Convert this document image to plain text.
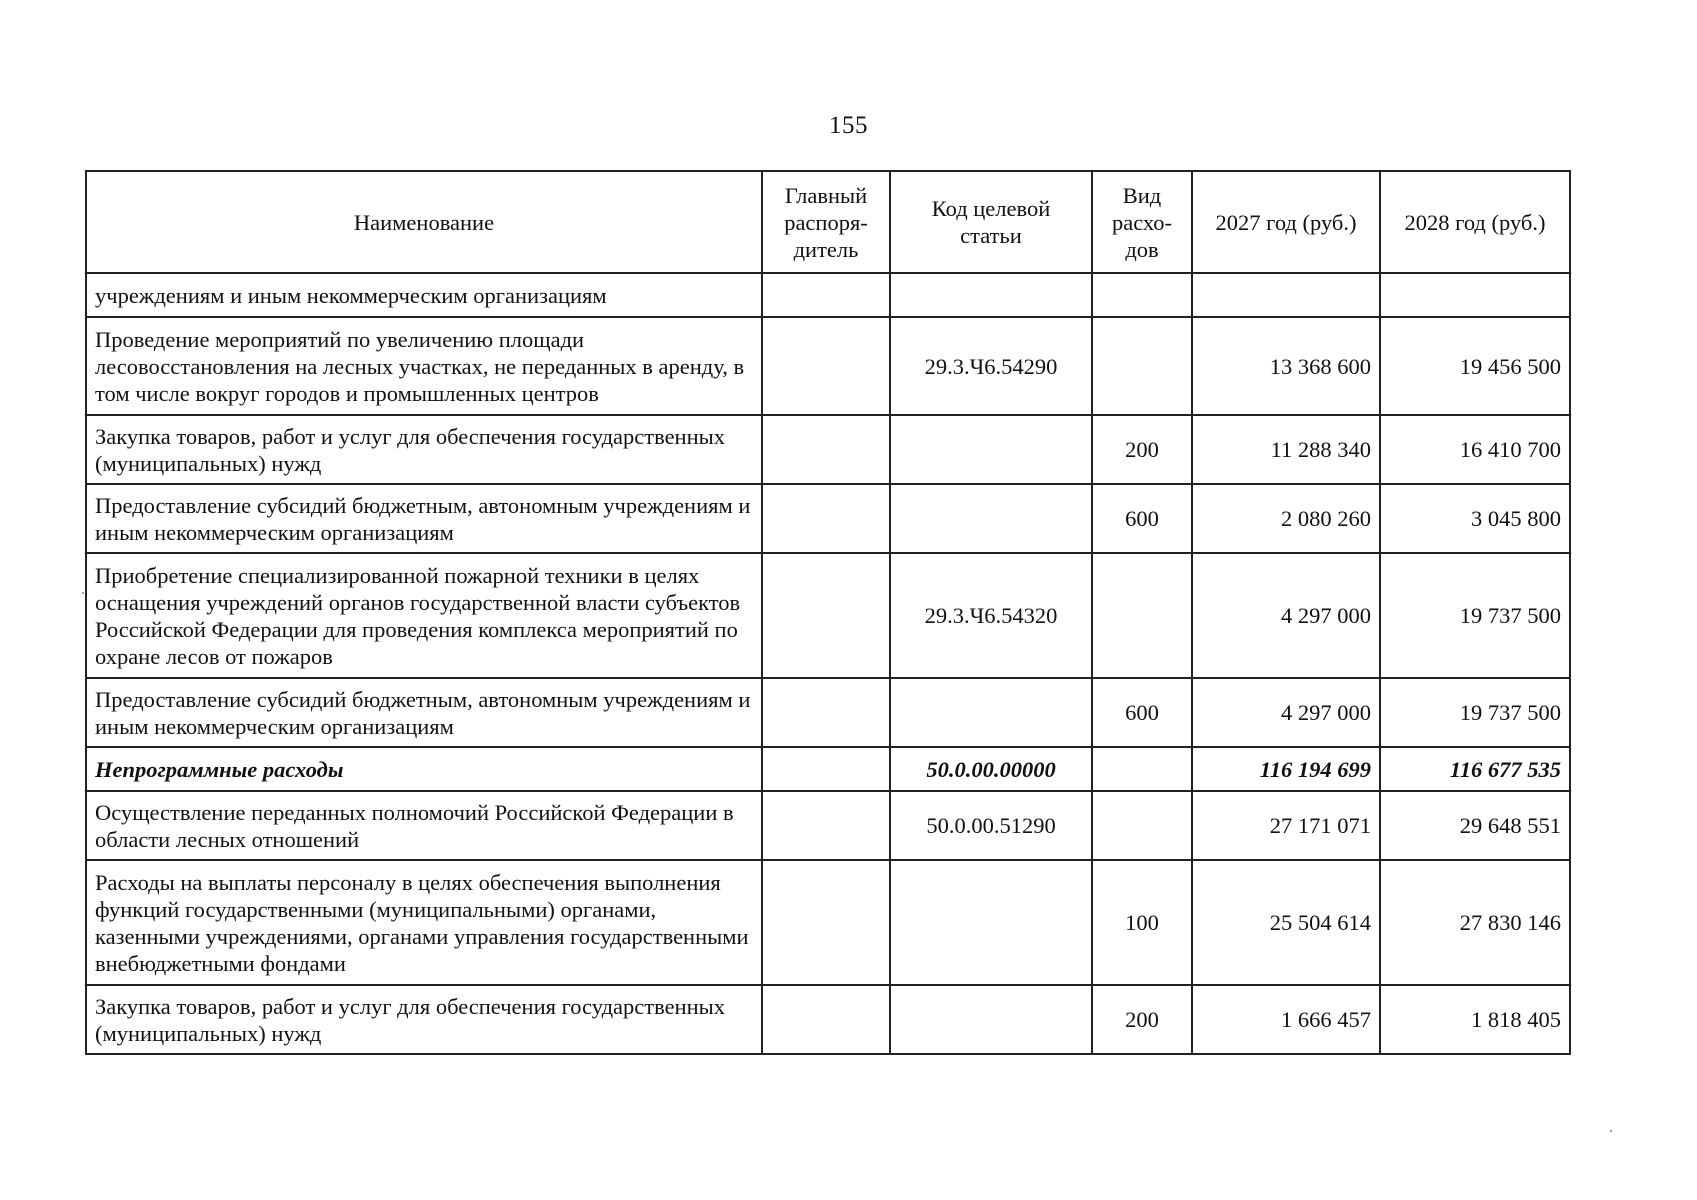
155
Наименование	Главный распоря-дитель	Код целевой статьи	Вид расхо-дов	2027 год (руб.)	2028 год (руб.)
учреждениям и иным некоммерческим организациям					
Проведение мероприятий по увеличению площади лесовосстановления на лесных участках, не переданных в аренду, в том числе вокруг городов и промышленных центров		29.3.Ч6.54290		13 368 600	19 456 500
Закупка товаров, работ и услуг для обеспечения государственных (муниципальных) нужд			200	11 288 340	16 410 700
Предоставление субсидий бюджетным, автономным учреждениям и иным некоммерческим организациям			600	2 080 260	3 045 800
Приобретение специализированной пожарной техники в целях оснащения учреждений органов государственной власти субъектов Российской Федерации для проведения комплекса мероприятий по охране лесов от пожаров		29.3.Ч6.54320		4 297 000	19 737 500
Предоставление субсидий бюджетным, автономным учреждениям и иным некоммерческим организациям			600	4 297 000	19 737 500
Непрограммные расходы		50.0.00.00000		116 194 699	116 677 535
Осуществление переданных полномочий Российской Федерации в области лесных отношений		50.0.00.51290		27 171 071	29 648 551
Расходы на выплаты персоналу в целях обеспечения выполнения функций государственными (муниципальными) органами, казенными учреждениями, органами управления государственными внебюджетными фондами			100	25 504 614	27 830 146
Закупка товаров, работ и услуг для обеспечения государственных (муниципальных) нужд			200	1 666 457	1 818 405
